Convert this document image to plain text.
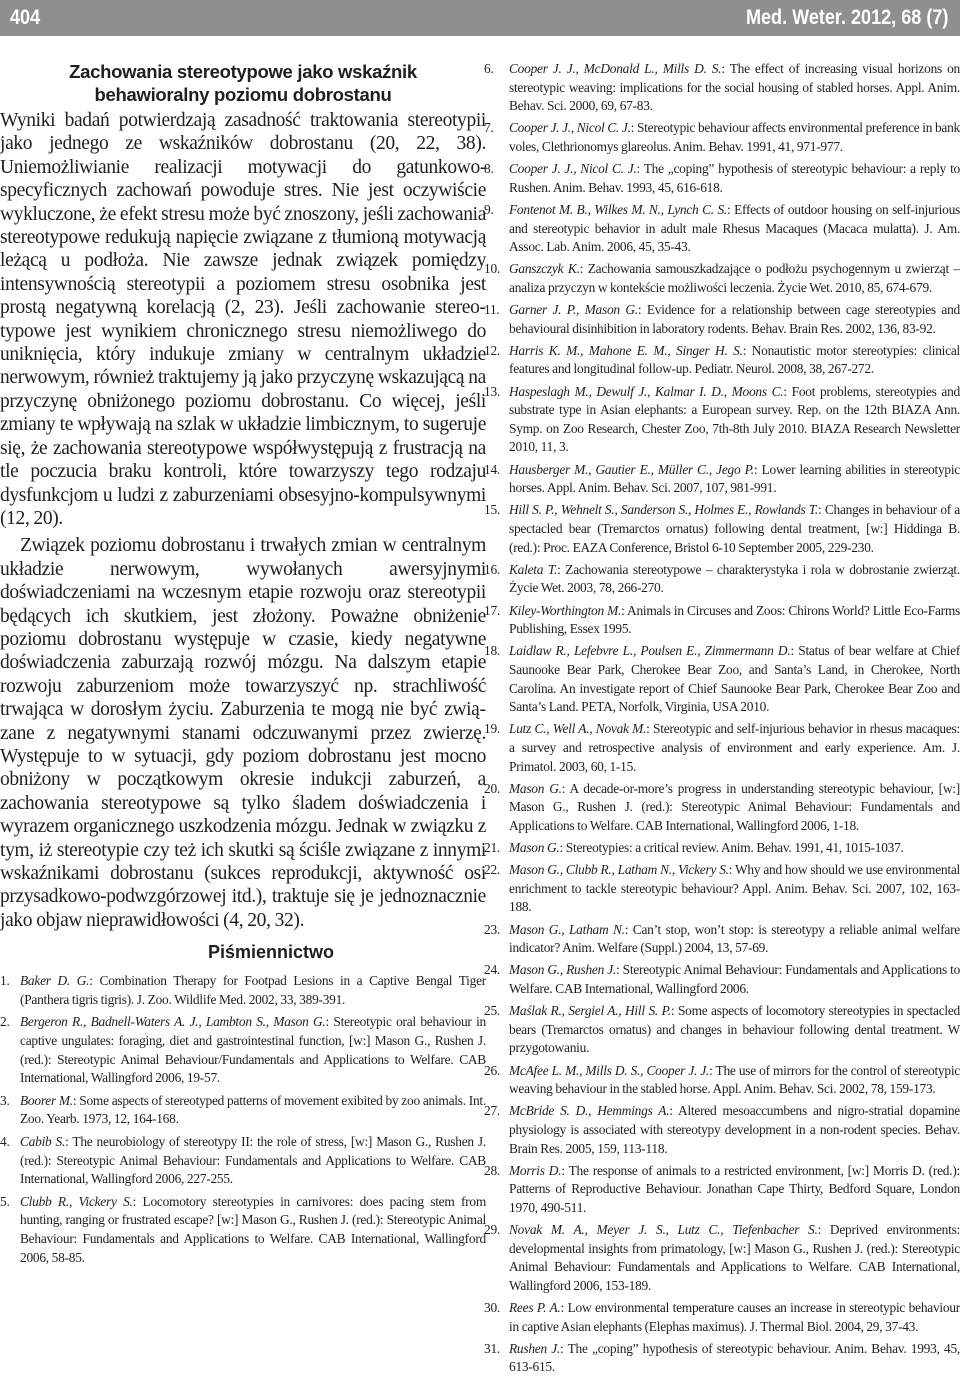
404	Med. Weter. 2012, 68 (7)
Zachowania stereotypowe jako wskaźnik
behawioralny poziomu dobrostanu

Wyniki badań potwierdzają zasadność traktowania stereotypii jako jednego ze wskaźników dobrostanu (20, 22, 38). Uniemożliwianie realizacji motywacji do gatunkowo-specyficznych zachowań powoduje stres. Nie jest oczywiście wykluczone, że efekt stresu może być znoszony, jeśli zachowania stereotypowe redukują napięcie związane z tłumioną motywacją leżącą u podłoża. Nie zawsze jednak związek pomiędzy intensywnością stereotypii a poziomem stresu osobnika jest prostą negatywną korelacją (2, 23). Jeśli zachowanie stereotypowe jest wynikiem chronicznego stresu niemożliwego do uniknięcia, który indukuje zmiany w centralnym układzie nerwowym, również traktujemy ją jako przyczynę wskazującą na przyczynę obniżonego poziomu dobrostanu. Co więcej, jeśli zmiany te wpływają na szlak w układzie limbicznym, to sugeruje się, że zachowania stereotypowe współwystępują z frustracją na tle poczucia braku kontroli, które towarzyszy tego rodzaju dysfunkcjom u ludzi z zaburzeniami obsesyjno-kompulsywnymi (12, 20).

Związek poziomu dobrostanu i trwałych zmian w centralnym układzie nerwowym, wywołanych awersyjnymi doświadczeniami na wczesnym etapie rozwoju oraz stereotypii będących ich skutkiem, jest złożony. Poważne obniżenie poziomu dobrostanu występuje w czasie, kiedy negatywne doświadczenia zaburzają rozwój mózgu. Na dalszym etapie rozwoju zaburzeniom może towarzyszyć np. strachliwość trwająca w dorosłym życiu. Zaburzenia te mogą nie być związane z negatywnymi stanami odczuwanymi przez zwierzę. Występuje to w sytuacji, gdy poziom dobrostanu jest mocno obniżony w początkowym okresie indukcji zaburzeń, a zachowania stereotypowe są tylko śladem doświadczenia i wyrazem organicznego uszkodzenia mózgu. Jednak w związku z tym, iż stereotypie czy też ich skutki są ściśle związane z innymi wskaźnikami dobrostanu (sukces reprodukcji, aktywność osi przysadkowo-podwzgórzowej itd.), traktuje się je jednoznacznie jako objaw nieprawidłowości (4, 20, 32).

Piśmiennictwo
1. Baker D. G.: Combination Therapy for Footpad Lesions in a Captive Bengal Tiger (Panthera tigris tigris). J. Zoo. Wildlife Med. 2002, 33, 389-391.
2. Bergeron R., Badnell-Waters A. J., Lambton S., Mason G.: Stereotypic oral behaviour in captive ungulates: foraging, diet and gastrointestinal function, [w:] Mason G., Rushen J. (red.): Stereotypic Animal Behaviour/Fundamentals and Applications to Welfare. CAB International, Wallingford 2006, 19-57.
3. Boorer M.: Some aspects of stereotyped patterns of movement exibited by zoo animals. Int. Zoo. Yearb. 1973, 12, 164-168.
4. Cabib S.: The neurobiology of stereotypy II: the role of stress, [w:] Mason G., Rushen J. (red.): Stereotypic Animal Behaviour: Fundamentals and Applications to Welfare. CAB International, Wallingford 2006, 227-255.
5. Clubb R., Vickery S.: Locomotory stereotypies in carnivores: does pacing stem from hunting, ranging or frustrated escape? [w:] Mason G., Rushen J. (red.): Stereotypic Animal Behaviour: Fundamentals and Applications to Welfare. CAB International, Wallingford 2006, 58-85.
6. Cooper J. J., McDonald L., Mills D. S.: The effect of increasing visual horizons on stereotypic weaving: implications for the social housing of stabled horses. Appl. Anim. Behav. Sci. 2000, 69, 67-83.
7. Cooper J. J., Nicol C. J.: Stereotypic behaviour affects environmental preference in bank voles, Clethrionomys glareolus. Anim. Behav. 1991, 41, 971-977.
8. Cooper J. J., Nicol C. J.: The „coping” hypothesis of stereotypic behaviour: a reply to Rushen. Anim. Behav. 1993, 45, 616-618.
9. Fontenot M. B., Wilkes M. N., Lynch C. S.: Effects of outdoor housing on self-injurious and stereotypic behavior in adult male Rhesus Macaques (Macaca mulatta). J. Am. Assoc. Lab. Anim. 2006, 45, 35-43.
10. Ganszczyk K.: Zachowania samouszkadzające o podłożu psychogennym u zwierząt – analiza przyczyn w kontekście możliwości leczenia. Życie Wet. 2010, 85, 674-679.
11. Garner J. P., Mason G.: Evidence for a relationship between cage stereotypies and behavioural disinhibition in laboratory rodents. Behav. Brain Res. 2002, 136, 83-92.
12. Harris K. M., Mahone E. M., Singer H. S.: Nonautistic motor stereotypies: clinical features and longitudinal follow-up. Pediatr. Neurol. 2008, 38, 267-272.
13. Haspeslagh M., Dewulf J., Kalmar I. D., Moons C.: Foot problems, stereotypies and substrate type in Asian elephants: a European survey. Rep. on the 12th BIAZA Ann. Symp. on Zoo Research, Chester Zoo, 7th-8th July 2010. BIAZA Research Newsletter 2010, 11, 3.
14. Hausberger M., Gautier E., Müller C., Jego P.: Lower learning abilities in stereotypic horses. Appl. Anim. Behav. Sci. 2007, 107, 981-991.
15. Hill S. P., Wehnelt S., Sanderson S., Holmes E., Rowlands T.: Changes in behaviour of a spectacled bear (Tremarctos ornatus) following dental treatment, [w:] Hiddinga B. (red.): Proc. EAZA Conference, Bristol 6-10 September 2005, 229-230.
16. Kaleta T.: Zachowania stereotypowe – charakterystyka i rola w dobrostanie zwierząt. Życie Wet. 2003, 78, 266-270.
17. Kiley-Worthington M.: Animals in Circuses and Zoos: Chirons World? Little Eco-Farms Publishing, Essex 1995.
18. Laidlaw R., Lefebvre L., Poulsen E., Zimmermann D.: Status of bear welfare at Chief Saunooke Bear Park, Cherokee Bear Zoo, and Santa’s Land, in Cherokee, North Carolina. An investigate report of Chief Saunooke Bear Park, Cherokee Bear Zoo and Santa’s Land. PETA, Norfolk, Virginia, USA 2010.
19. Lutz C., Well A., Novak M.: Stereotypic and self-injurious behavior in rhesus macaques: a survey and retrospective analysis of environment and early experience. Am. J. Primatol. 2003, 60, 1-15.
20. Mason G.: A decade-or-more’s progress in understanding stereotypic behaviour, [w:] Mason G., Rushen J. (red.): Stereotypic Animal Behaviour: Fundamentals and Applications to Welfare. CAB International, Wallingford 2006, 1-18.
21. Mason G.: Stereotypies: a critical review. Anim. Behav. 1991, 41, 1015-1037.
22. Mason G., Clubb R., Latham N., Vickery S.: Why and how should we use environmental enrichment to tackle stereotypic behaviour? Appl. Anim. Behav. Sci. 2007, 102, 163-188.
23. Mason G., Latham N.: Can’t stop, won’t stop: is stereotypy a reliable animal welfare indicator? Anim. Welfare (Suppl.) 2004, 13, 57-69.
24. Mason G., Rushen J.: Stereotypic Animal Behaviour: Fundamentals and Applications to Welfare. CAB International, Wallingford 2006.
25. Maślak R., Sergiel A., Hill S. P.: Some aspects of locomotory stereotypies in spectacled bears (Tremarctos ornatus) and changes in behaviour following dental treatment. W przygotowaniu.
26. McAfee L. M., Mills D. S., Cooper J. J.: The use of mirrors for the control of stereotypic weaving behaviour in the stabled horse. Appl. Anim. Behav. Sci. 2002, 78, 159-173.
27. McBride S. D., Hemmings A.: Altered mesoaccumbens and nigro-stratial dopamine physiology is associated with stereotypy development in a non-rodent species. Behav. Brain Res. 2005, 159, 113-118.
28. Morris D.: The response of animals to a restricted environment, [w:] Morris D. (red.): Patterns of Reproductive Behaviour. Jonathan Cape Thirty, Bedford Square, London 1970, 490-511.
29. Novak M. A., Meyer J. S., Lutz C., Tiefenbacher S.: Deprived environments: developmental insights from primatology, [w:] Mason G., Rushen J. (red.): Stereotypic Animal Behaviour: Fundamentals and Applications to Welfare. CAB International, Wallingford 2006, 153-189.
30. Rees P. A.: Low environmental temperature causes an increase in stereotypic behaviour in captive Asian elephants (Elephas maximus). J. Thermal Biol. 2004, 29, 37-43.
31. Rushen J.: The „coping” hypothesis of stereotypic behaviour. Anim. Behav. 1993, 45, 613-615.
